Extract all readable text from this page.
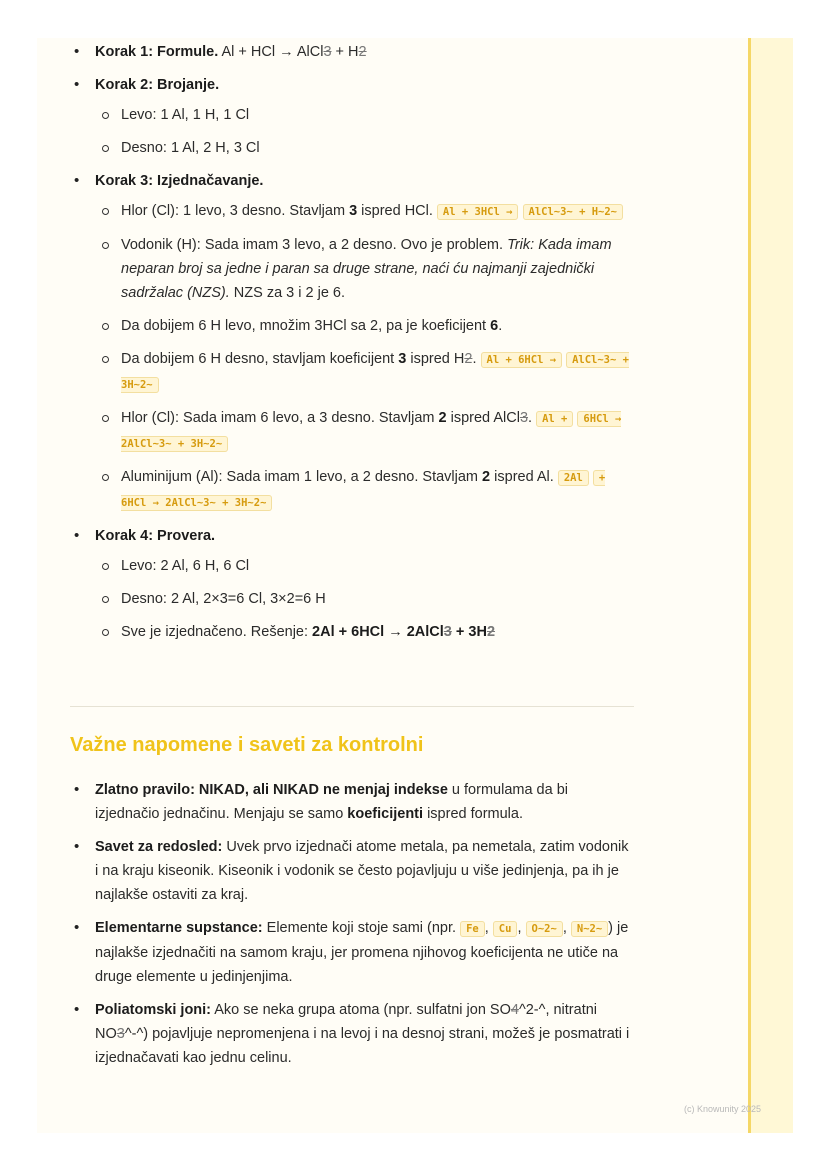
• Korak 1: Formule. Al + HCl → AlCl3 + H2
• Korak 2: Brojanje.
Levo: 1 Al, 1 H, 1 Cl
Desno: 1 Al, 2 H, 3 Cl
• Korak 3: Izjednačavanje.
Hlor (Cl): 1 levo, 3 desno. Stavljam 3 ispred HCl. Al + 3HCl → AlCl~3~ + H~2~
Vodonik (H): Sada imam 3 levo, a 2 desno. Ovo je problem. Trik: Kada imam neparan broj sa jedne i paran sa druge strane, naći ću najmanji zajednički sadržalac (NZS). NZS za 3 i 2 je 6.
Da dobijem 6 H levo, množim 3HCl sa 2, pa je koeficijent 6.
Da dobijem 6 H desno, stavljam koeficijent 3 ispred H2. Al + 6HCl → AlCl~3~ + 3H~2~
Hlor (Cl): Sada imam 6 levo, a 3 desno. Stavljam 2 ispred AlCl3. Al + 6HCl → 2AlCl~3~ + 3H~2~
Aluminijum (Al): Sada imam 1 levo, a 2 desno. Stavljam 2 ispred Al. 2Al + 6HCl → 2AlCl~3~ + 3H~2~
• Korak 4: Provera.
Levo: 2 Al, 6 H, 6 Cl
Desno: 2 Al, 2×3=6 Cl, 3×2=6 H
Sve je izjednačeno. Rešenje: 2Al + 6HCl → 2AlCl3 + 3H2
Važne napomene i saveti za kontrolni
• Zlatno pravilo: NIKAD, ali NIKAD ne menjaj indekse u formulama da bi izjednačio jednačinu. Menjaju se samo koeficijenti ispred formula.
• Savet za redosled: Uvek prvo izjednači atome metala, pa nemetala, zatim vodonik i na kraju kiseonik. Kiseonik i vodonik se često pojavljuju u više jedinjenja, pa ih je najlakše ostaviti za kraj.
• Elementarne supstance: Elemente koji stoje sami (npr. Fe , Cu , O~2~ , N~2~ ) je najlakše izjednačiti na samom kraju, jer promena njihovog koeficijenta ne utiče na druge elemente u jedinjenjima.
• Poliatomski joni: Ako se neka grupa atoma (npr. sulfatni jon SO4^2-^, nitratni NO3^-^) pojavljuje nepromenjena i na levoj i na desnoj strani, možeš je posmatrati i izjednačavati kao jednu celinu.
(c) Knowunity 2025
